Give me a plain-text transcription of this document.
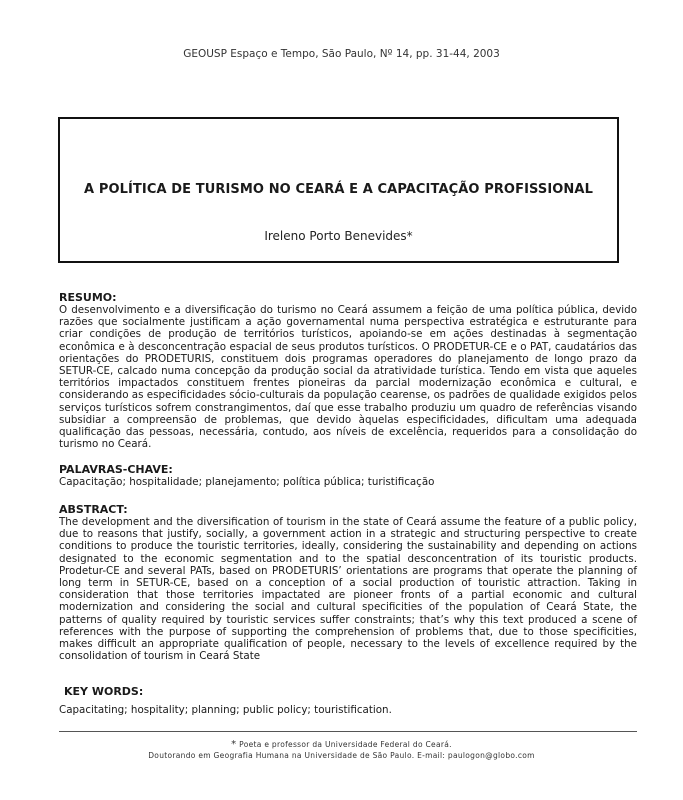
GEOUSP Espaço e Tempo, São Paulo, Nº 14, pp. 31-44, 2003
A POLÍTICA DE TURISMO NO CEARÁ E A CAPACITAÇÃO PROFISSIONAL
Ireleno Porto Benevides*
RESUMO:

O desenvolvimento e a diversificação do turismo no Ceará assumem a feição de uma política pública, devido razões que socialmente justificam a ação governamental numa perspectiva estratégica e estruturante para criar condições de produção de territórios turísticos, apoiando-se em ações destinadas à segmentação econômica e à desconcentração espacial de seus produtos turísticos. O PRODETUR-CE e o PAT, caudatários das orientações do PRODETURIS, constituem dois programas operadores do planejamento de longo prazo da SETUR-CE, calcado numa concepção da produção social da atratividade turística. Tendo em vista que aqueles territórios impactados constituem frentes pioneiras da parcial modernização econômica e cultural, e considerando as especificidades sócio-culturais da população cearense, os padrões de qualidade exigidos pelos serviços turísticos sofrem constrangimentos, daí que esse trabalho produziu um quadro de referências visando subsidiar a compreensão de problemas, que devido àquelas especificidades, dificultam uma adequada qualificação das pessoas, necessária, contudo, aos níveis de excelência, requeridos para a consolidação do turismo no Ceará.

PALAVRAS-CHAVE:

Capacitação; hospitalidade; planejamento; política pública; turistificação

ABSTRACT:

The development and the diversification of tourism in the state of Ceará assume the feature of a public policy, due to reasons that justify, socially, a government action in a strategic and structuring perspective to create conditions to produce the touristic territories, ideally, considering the sustainability and depending on actions designated to the economic segmentation and to the spatial desconcentration of its touristic products. Prodetur-CE and several PATs, based on PRODETURIS’ orientations are programs that operate the planning of long term in SETUR-CE, based on a conception of a social production of touristic attraction. Taking in consideration that those territories impactated are pioneer fronts of a partial economic and cultural modernization and considering the social and cultural specificities of the population of Ceará State, the patterns of quality required by touristic services suffer constraints; that’s why this text produced a scene of references with the purpose of supporting the comprehension of problems that, due to those specificities, makes difficult an appropriate qualification of people, necessary to the levels of excellence required by the consolidation of tourism in Ceará State

KEY WORDS:

Capacitating; hospitality; planning; public policy; touristification.

* Poeta e professor da Universidade Federal do Ceará.
Doutorando em Geografia Humana na Universidade de São Paulo. E-mail: paulogon@globo.com
